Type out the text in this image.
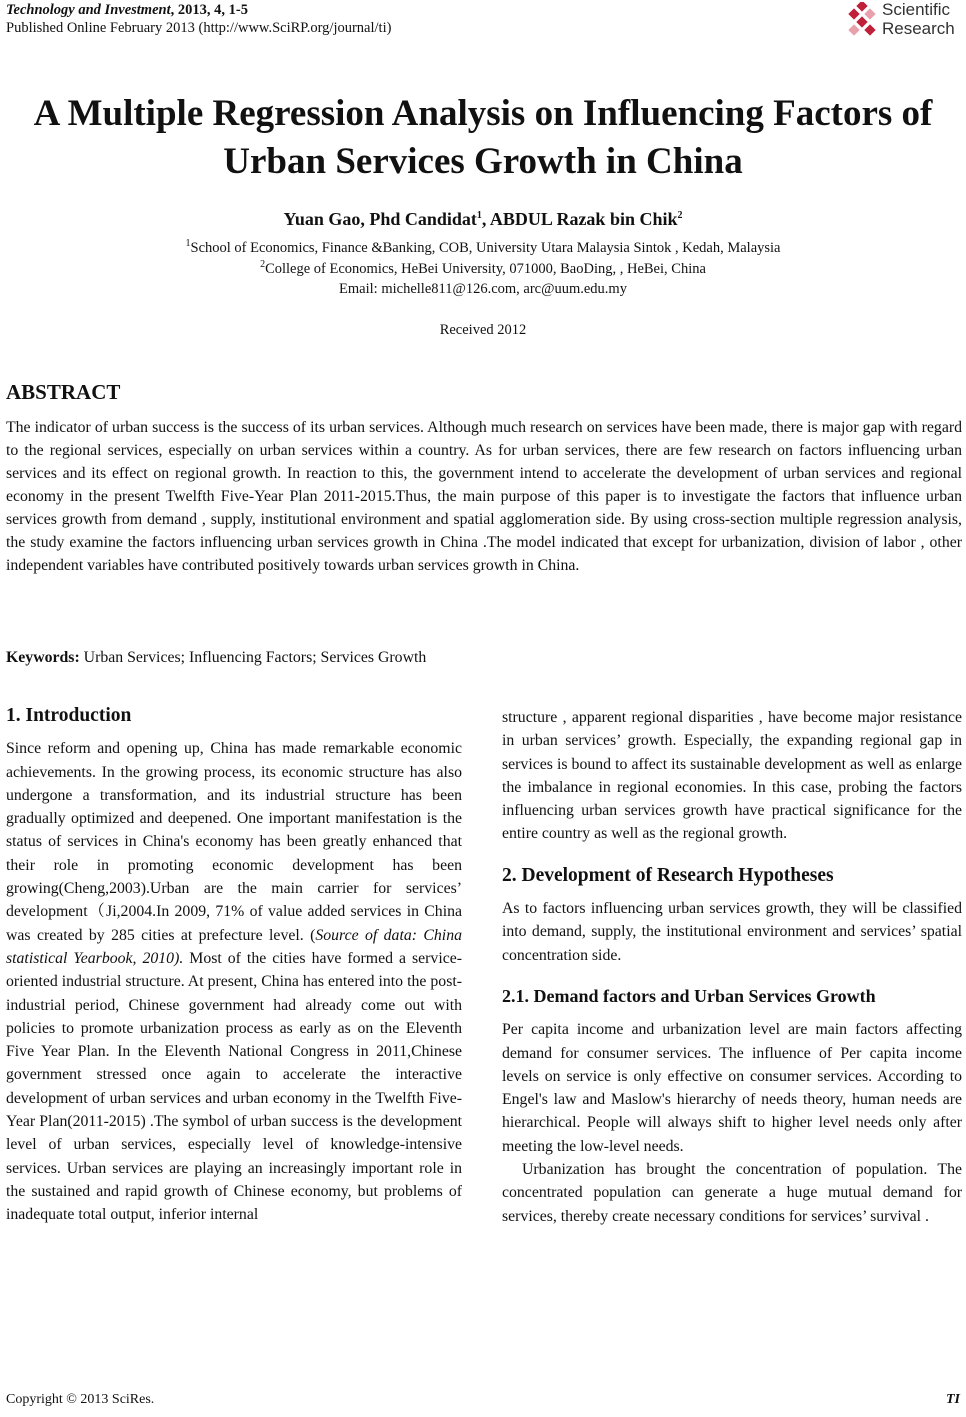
Technology and Investment, 2013, 4, 1-5
Published Online February 2013 (http://www.SciRP.org/journal/ti)
Scientific
Research
A Multiple Regression Analysis on Influencing Factors of
Urban Services Growth in China
Yuan Gao, Phd Candidat$^1$, ABDUL Razak bin Chik$^2$
$^1$School of Economics, Finance &Banking, COB, University Utara Malaysia Sintok , Kedah, Malaysia
$^2$College of Economics, HeBei University, 071000, BaoDing, , HeBei, China
Email: michelle811@126.com, arc@uum.edu.my
Received 2012
ABSTRACT
The indicator of urban success is the success of its urban services. Although much research on services have been made, there is major gap with regard to the regional services, especially on urban services within a country. As for urban services, there are few research on factors influencing urban services and its effect on regional growth. In reaction to this, the government intend to accelerate the development of urban services and regional economy in the present Twelfth Five-Year Plan 2011-2015.Thus, the main purpose of this paper is to investigate the factors that influence urban services growth from demand , supply, institutional environment and spatial agglomeration side. By using cross-section multiple regression analysis, the study examine the factors influencing urban services growth in China .The model indicated that except for urbanization, division of labor , other independent variables have contributed positively towards urban services growth in China.
Keywords: Urban Services; Influencing Factors; Services Growth
1. Introduction

Since reform and opening up, China has made remarkable economic achievements. In the growing process, its economic structure has also undergone a transformation, and its industrial structure has been gradually optimized and deepened. One important manifestation is the status of services in China's economy has been greatly enhanced that their role in promoting economic development has been growing(Cheng,2003).Urban are the main carrier for services’ development（Ji,2004.In 2009, 71% of value added services in China was created by 285 cities at prefecture level. (Source of data: China statistical Yearbook, 2010). Most of the cities have formed a service-oriented industrial structure. At present, China has entered into the post-industrial period, Chinese government had already come out with policies to promote urbanization process as early as on the Eleventh Five Year Plan. In the Eleventh National Congress in 2011,Chinese government stressed once again to accelerate the interactive development of urban services and urban economy in the Twelfth Five-Year Plan(2011-2015) .The symbol of urban success is the development level of urban services, especially level of knowledge-intensive services. Urban services are playing an increasingly important role in the sustained and rapid growth of Chinese economy, but problems of inadequate total output, inferior internal

structure , apparent regional disparities , have become major resistance in urban services’ growth. Especially, the expanding regional gap in services is bound to affect its sustainable development as well as enlarge the imbalance in regional economies. In this case, probing the factors influencing urban services growth have practical significance for the entire country as well as the regional growth.

2. Development of Research Hypotheses

As to factors influencing urban services growth, they will be classified into demand, supply, the institutional environment and services’ spatial concentration side.

2.1. Demand factors and Urban Services Growth

Per capita income and urbanization level are main factors affecting demand for consumer services. The influence of Per capita income levels on service is only effective on consumer services. According to Engel's law and Maslow's hierarchy of needs theory, human needs are hierarchical. People will always shift to higher level needs only after meeting the low-level needs.

Urbanization has brought the concentration of population. The concentrated population can generate a huge mutual demand for services, thereby create necessary conditions for services’ survival .

Copyright © 2013 SciRes.	TI
